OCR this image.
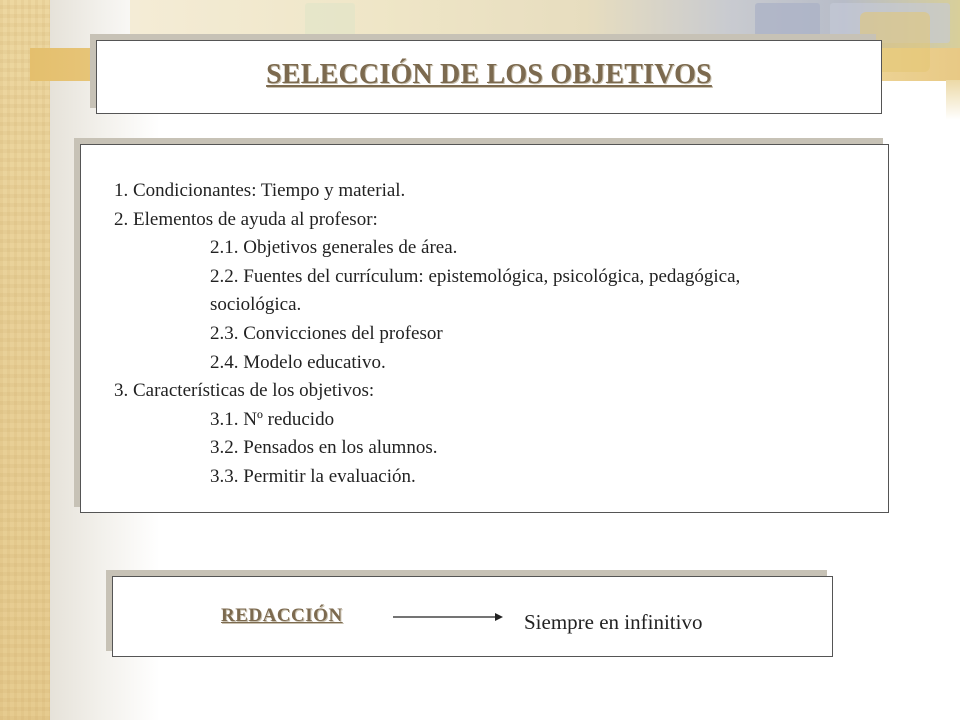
SELECCIÓN DE LOS OBJETIVOS
1. Condicionantes: Tiempo y material.
2. Elementos de ayuda al profesor:
2.1. Objetivos generales de área.
2.2. Fuentes del currículum: epistemológica, psicológica, pedagógica,
sociológica.
2.3. Convicciones del profesor
2.4. Modelo educativo.
3. Características de los objetivos:
3.1. Nº reducido
3.2. Pensados en los alumnos.
3.3. Permitir la evaluación.
REDACCIÓN	Siempre en infinitivo
